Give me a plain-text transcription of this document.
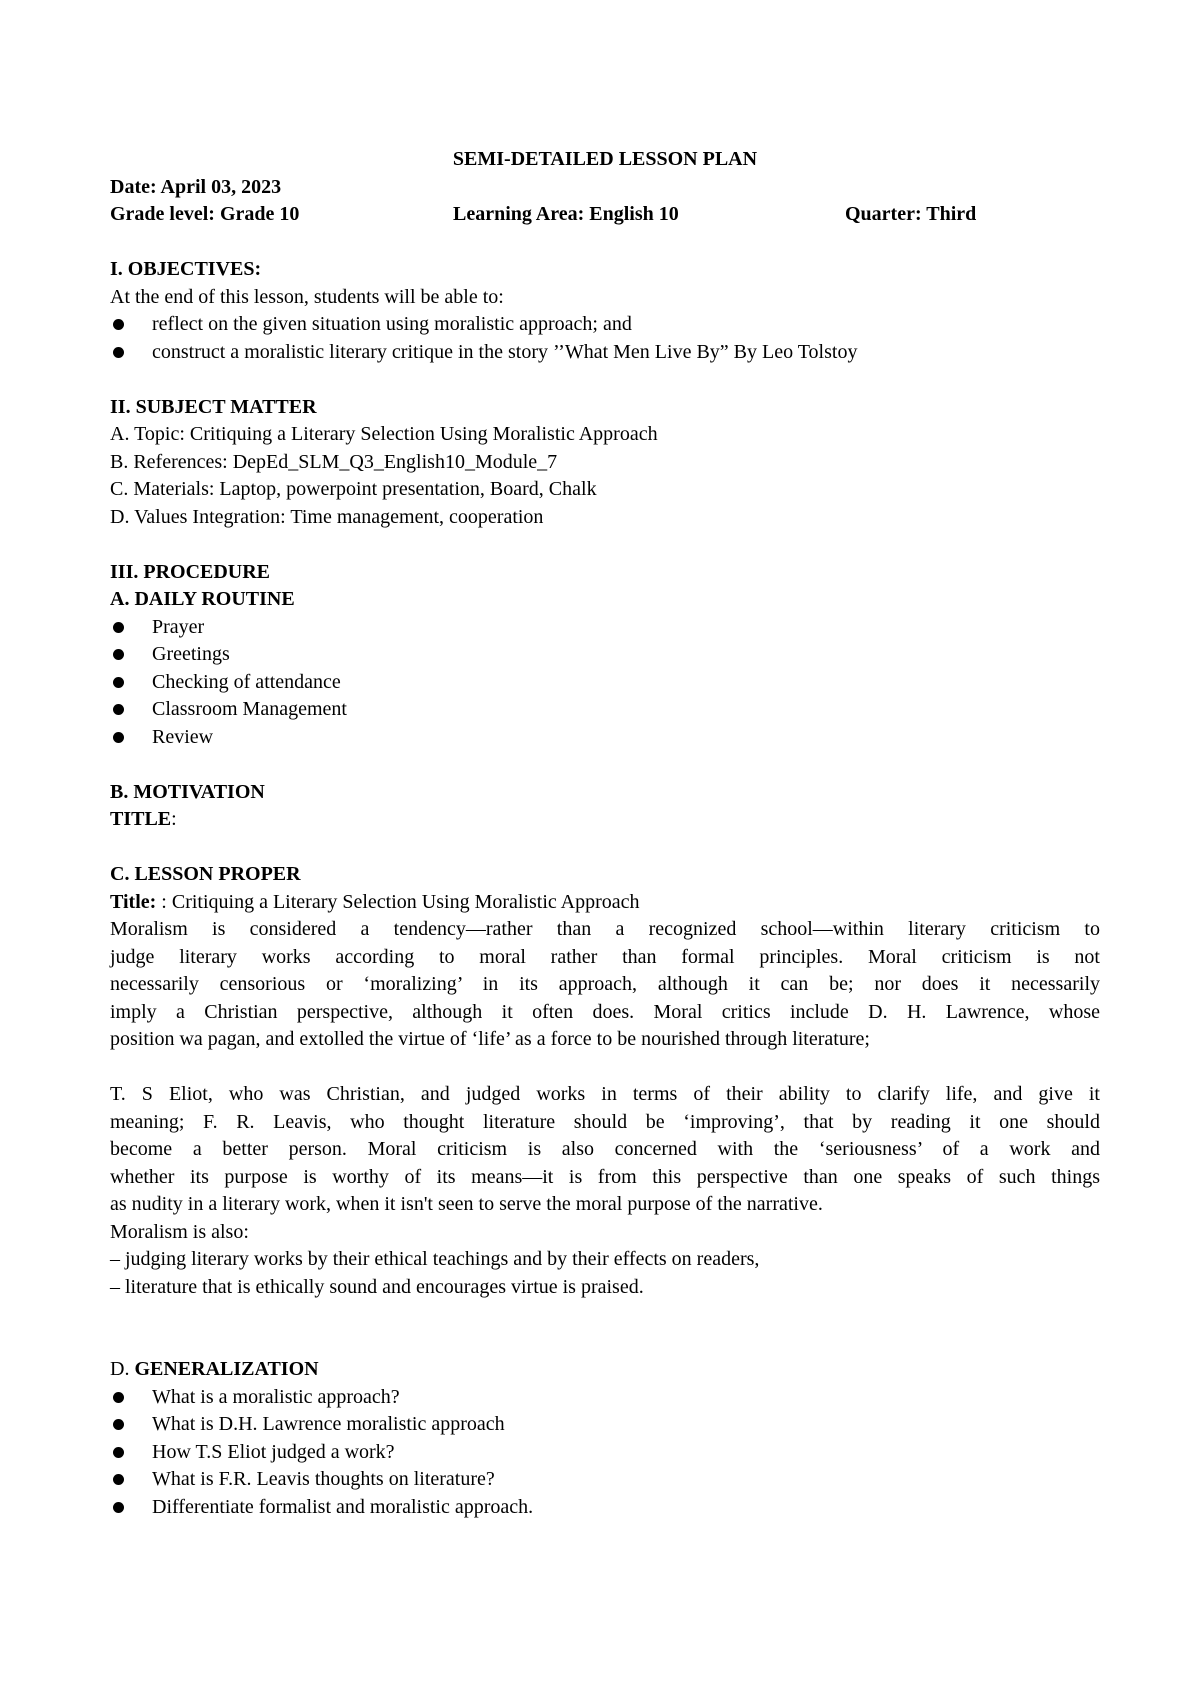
SEMI-DETAILED LESSON PLAN
Date: April 03, 2023
Grade level: Grade 10	Learning Area: English 10	Quarter: Third
I. OBJECTIVES:
At the end of this lesson, students will be able to:
reflect on the given situation using moralistic approach; and
construct a moralistic literary critique in the story ’’What Men Live By” By Leo Tolstoy
II. SUBJECT MATTER
A. Topic: Critiquing a Literary Selection Using Moralistic Approach
B. References: DepEd_SLM_Q3_English10_Module_7
C. Materials: Laptop, powerpoint presentation, Board, Chalk
D. Values Integration: Time management, cooperation
III. PROCEDURE
A. DAILY ROUTINE
Prayer
Greetings
Checking of attendance
Classroom Management
Review
B. MOTIVATION
TITLE:
C. LESSON PROPER
Title: : Critiquing a Literary Selection Using Moralistic Approach
Moralism is considered a tendency—rather than a recognized school—within literary criticism to
judge literary works according to moral rather than formal principles. Moral criticism is not
necessarily censorious or ‘moralizing’ in its approach, although it can be; nor does it necessarily
imply a Christian perspective, although it often does. Moral critics include D. H. Lawrence, whose
position wa pagan, and extolled the virtue of ‘life’ as a force to be nourished through literature;
T. S Eliot, who was Christian, and judged works in terms of their ability to clarify life, and give it
meaning; F. R. Leavis, who thought literature should be ‘improving’, that by reading it one should
become a better person. Moral criticism is also concerned with the ‘seriousness’ of a work and
whether its purpose is worthy of its means—it is from this perspective than one speaks of such things
as nudity in a literary work, when it isn't seen to serve the moral purpose of the narrative.
Moralism is also:
– judging literary works by their ethical teachings and by their effects on readers,
– literature that is ethically sound and encourages virtue is praised.
D. GENERALIZATION
What is a moralistic approach?
What is D.H. Lawrence moralistic approach
How T.S Eliot judged a work?
What is F.R. Leavis thoughts on literature?
Differentiate formalist and moralistic approach.
